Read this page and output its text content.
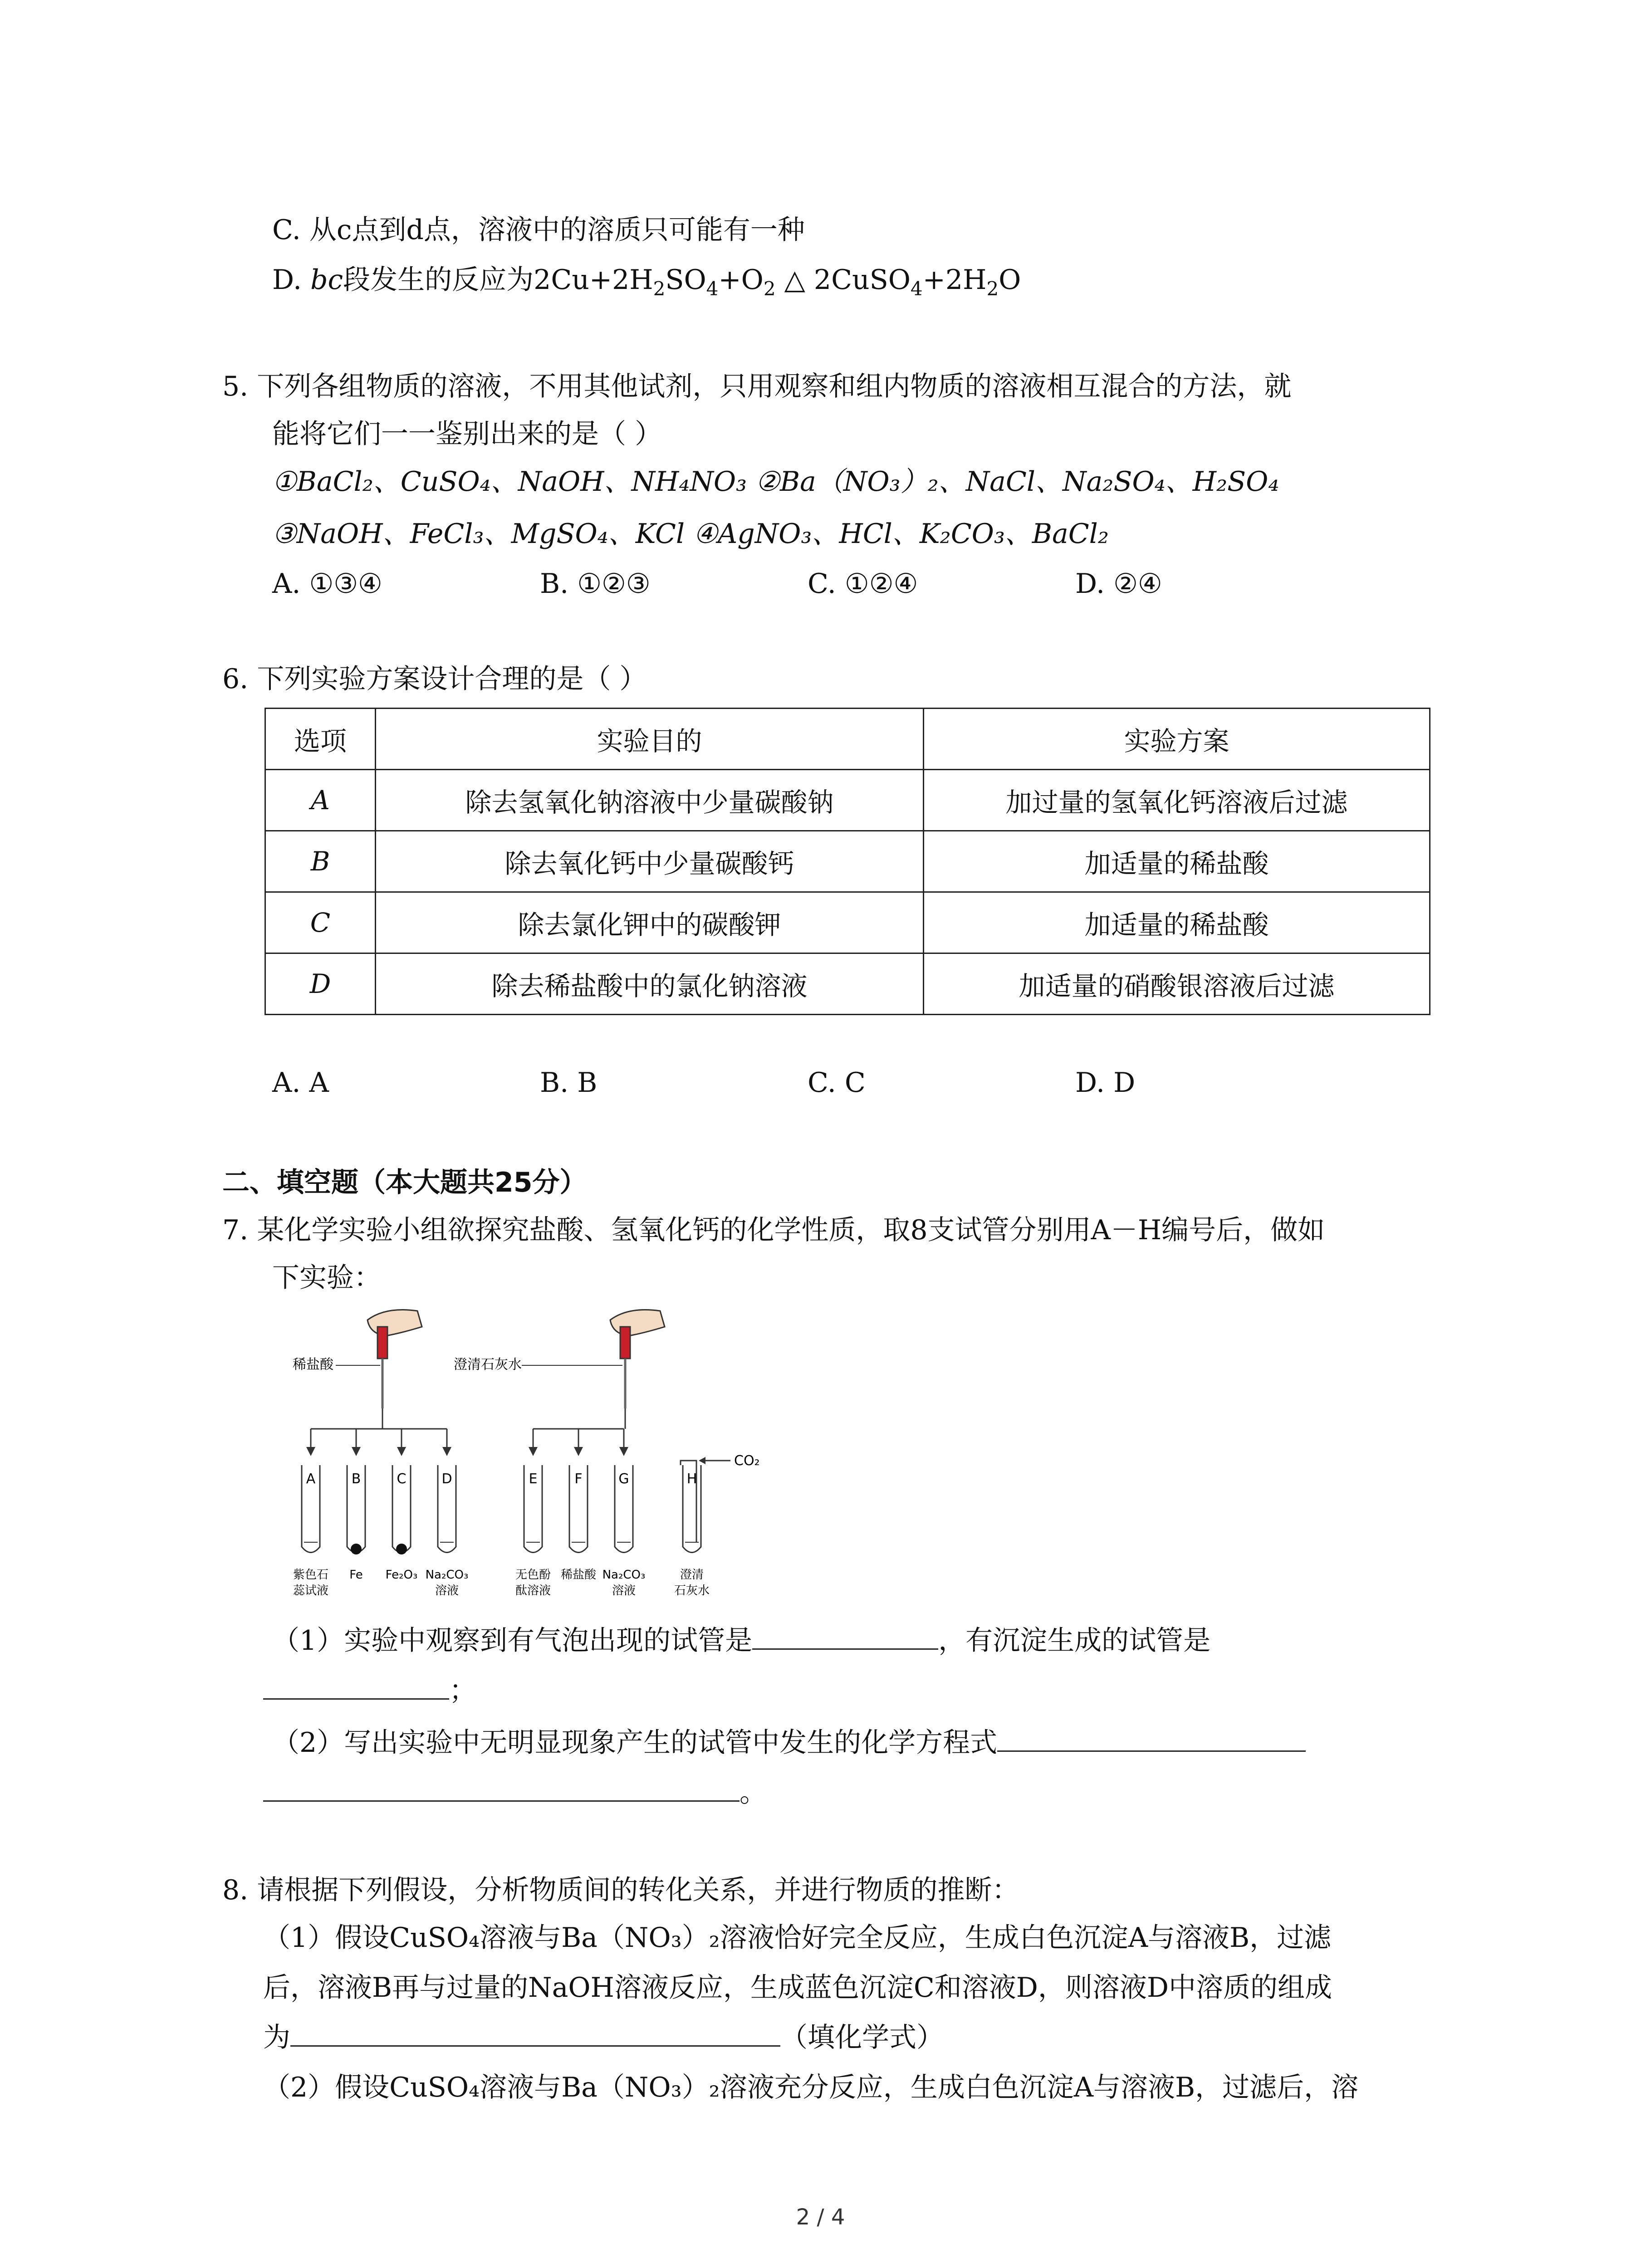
C. 从c点到d点，溶液中的溶质只可能有一种
D. bc段发生的反应为$2Cu+2H_2SO_4+O_2$ △ $2CuSO_4+2H_2O$
5. 下列各组物质的溶液，不用其他试剂，只用观察和组内物质的溶液相互混合的方法，就
能将它们一一鉴别出来的是（ ）
①BaCl₂、CuSO₄、NaOH、NH₄NO₃ ②Ba（NO₃）₂、NaCl、Na₂SO₄、H₂SO₄
③NaOH、FeCl₃、MgSO₄、KCl ④AgNO₃、HCl、K₂CO₃、BaCl₂
A. ①③④	B. ①②③	C. ①②④	D. ②④
6. 下列实验方案设计合理的是（ ）
选项	实验目的	实验方案
A	除去氢氧化钠溶液中少量碳酸钠	加过量的氢氧化钙溶液后过滤
B	除去氧化钙中少量碳酸钙	加适量的稀盐酸
C	除去氯化钾中的碳酸钾	加适量的稀盐酸
D	除去稀盐酸中的氯化钠溶液	加适量的硝酸银溶液后过滤
A. A	B. B	C. C	D. D
二、填空题（本大题共25分）
7. 某化学实验小组欲探究盐酸、氢氧化钙的化学性质，取8支试管分别用A－H编号后，做如
下实验：
稀盐酸	澄清石灰水
CO₂
A	B	C	D	E	F	G	H
紫色石
蕊试液
Fe Fe₂O₃ Na₂CO₃
溶液
无色酚
酞溶液
稀盐酸 Na₂CO₃
溶液
澄清
石灰水
（1）实验中观察到有气泡出现的试管是	，有沉淀生成的试管是
；
（2）写出实验中无明显现象产生的试管中发生的化学方程式
。
8. 请根据下列假设，分析物质间的转化关系，并进行物质的推断：
（1）假设CuSO₄溶液与Ba（NO₃）₂溶液恰好完全反应，生成白色沉淀A与溶液B，过滤
后，溶液B再与过量的NaOH溶液反应，生成蓝色沉淀C和溶液D，则溶液D中溶质的组成
为	（填化学式）
（2）假设CuSO₄溶液与Ba（NO₃）₂溶液充分反应，生成白色沉淀A与溶液B，过滤后，溶
2 / 4
